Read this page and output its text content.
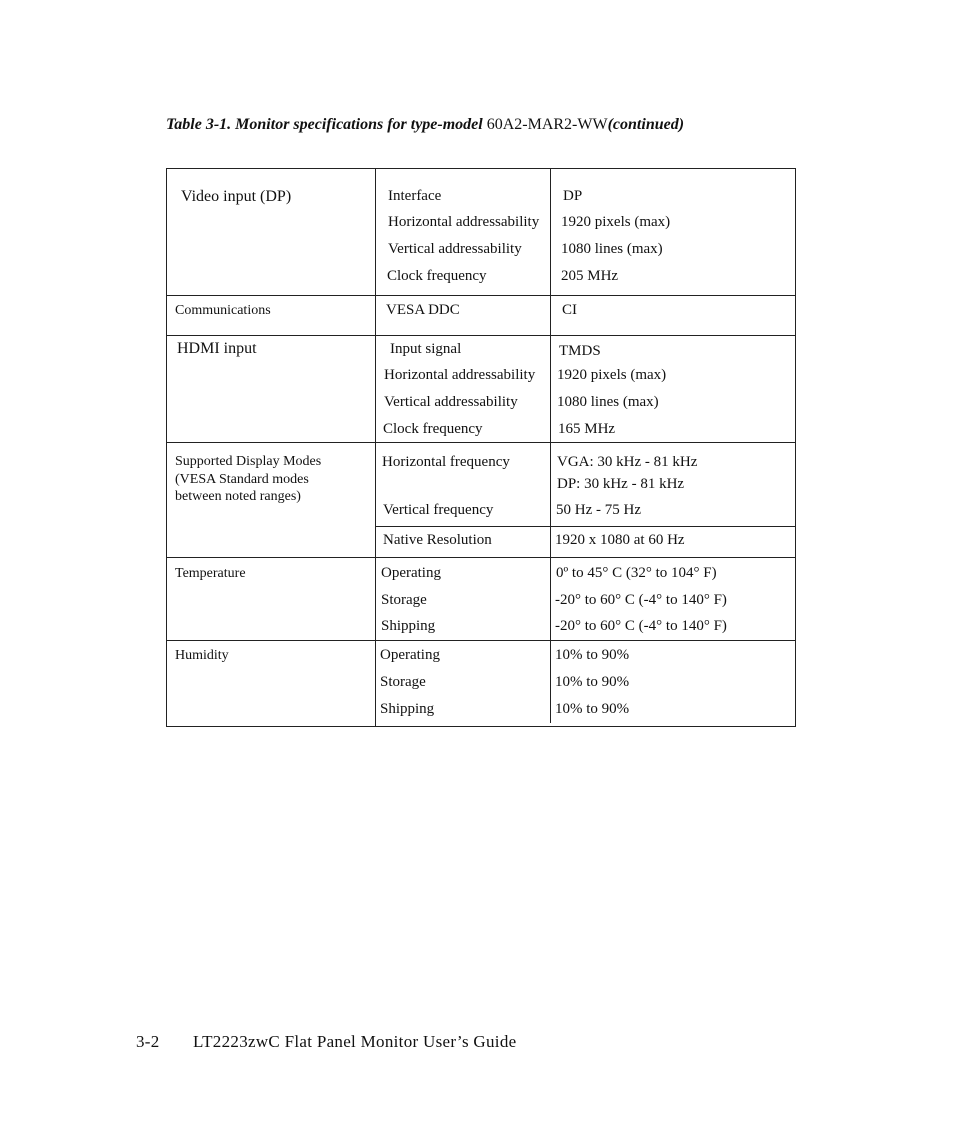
Table 3-1. Monitor specifications for type-model 60A2-MAR2-WW(continued)
Video input (DP)	Interface	DP
Horizontal addressability 1920 pixels (max)
Vertical addressability	1080 lines (max)
Clock frequency	205 MHz
Communications	VESA DDC	CI
HDMI input	Input signal	TMDS
Horizontal addressability 1920 pixels (max)
Vertical addressability	1080 lines (max)
Clock frequency	165 MHz
Supported Display Modes
(VESA Standard modes
between noted ranges)
Horizontal frequency	VGA: 30 kHz - 81 kHz
DP: 30 kHz - 81 kHz
Vertical frequency	50 Hz - 75 Hz
Native Resolution	1920 x 1080 at 60 Hz
Temperature	Operating	0º to 45° C (32° to 104° F)
Storage	-20° to 60° C (-4° to 140° F)
Shipping	-20° to 60° C (-4° to 140° F)
Humidity	Operating	10% to 90%
Storage	10% to 90%
Shipping	10% to 90%
3-2 LT2223zwC Flat Panel Monitor User’s Guide
